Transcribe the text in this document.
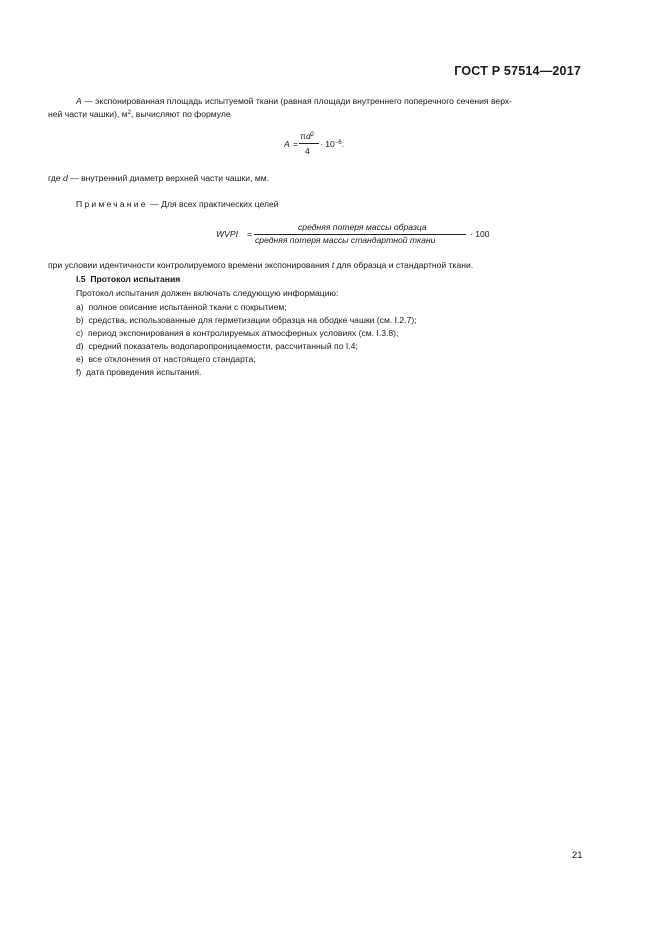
ГОСТ Р 57514—2017
A — экспонированная площадь испытуемой ткани (равная площади внутреннего поперечного сечения верх-
ней части чашки), $м^2$, вычисляют по формуле
A =
$\pi d^2$
4
· $10^{-6}$.
где d — внутренний диаметр верхней части чашки, мм.
Примечание — Для всех практических целей
WVPI =
средняя потеря массы образца
средняя потеря массы стандартной ткани
· 100
при условии идентичности контролируемого времени экспонирования t для образца и стандартной ткани.
I.5 Протокол испытания
Протокол испытания должен включать следующую информацию:
a) полное описание испытанной ткани с покрытием;
b) средства, использованные для герметизации образца на ободке чашки (см. I.2.7);
c) период экспонирования в контролируемых атмосферных условиях (см. I.3.8);
d) средний показатель водопаропроницаемости, рассчитанный по I.4;
e) все отклонения от настоящего стандарта;
f) дата проведения испытания.
21
